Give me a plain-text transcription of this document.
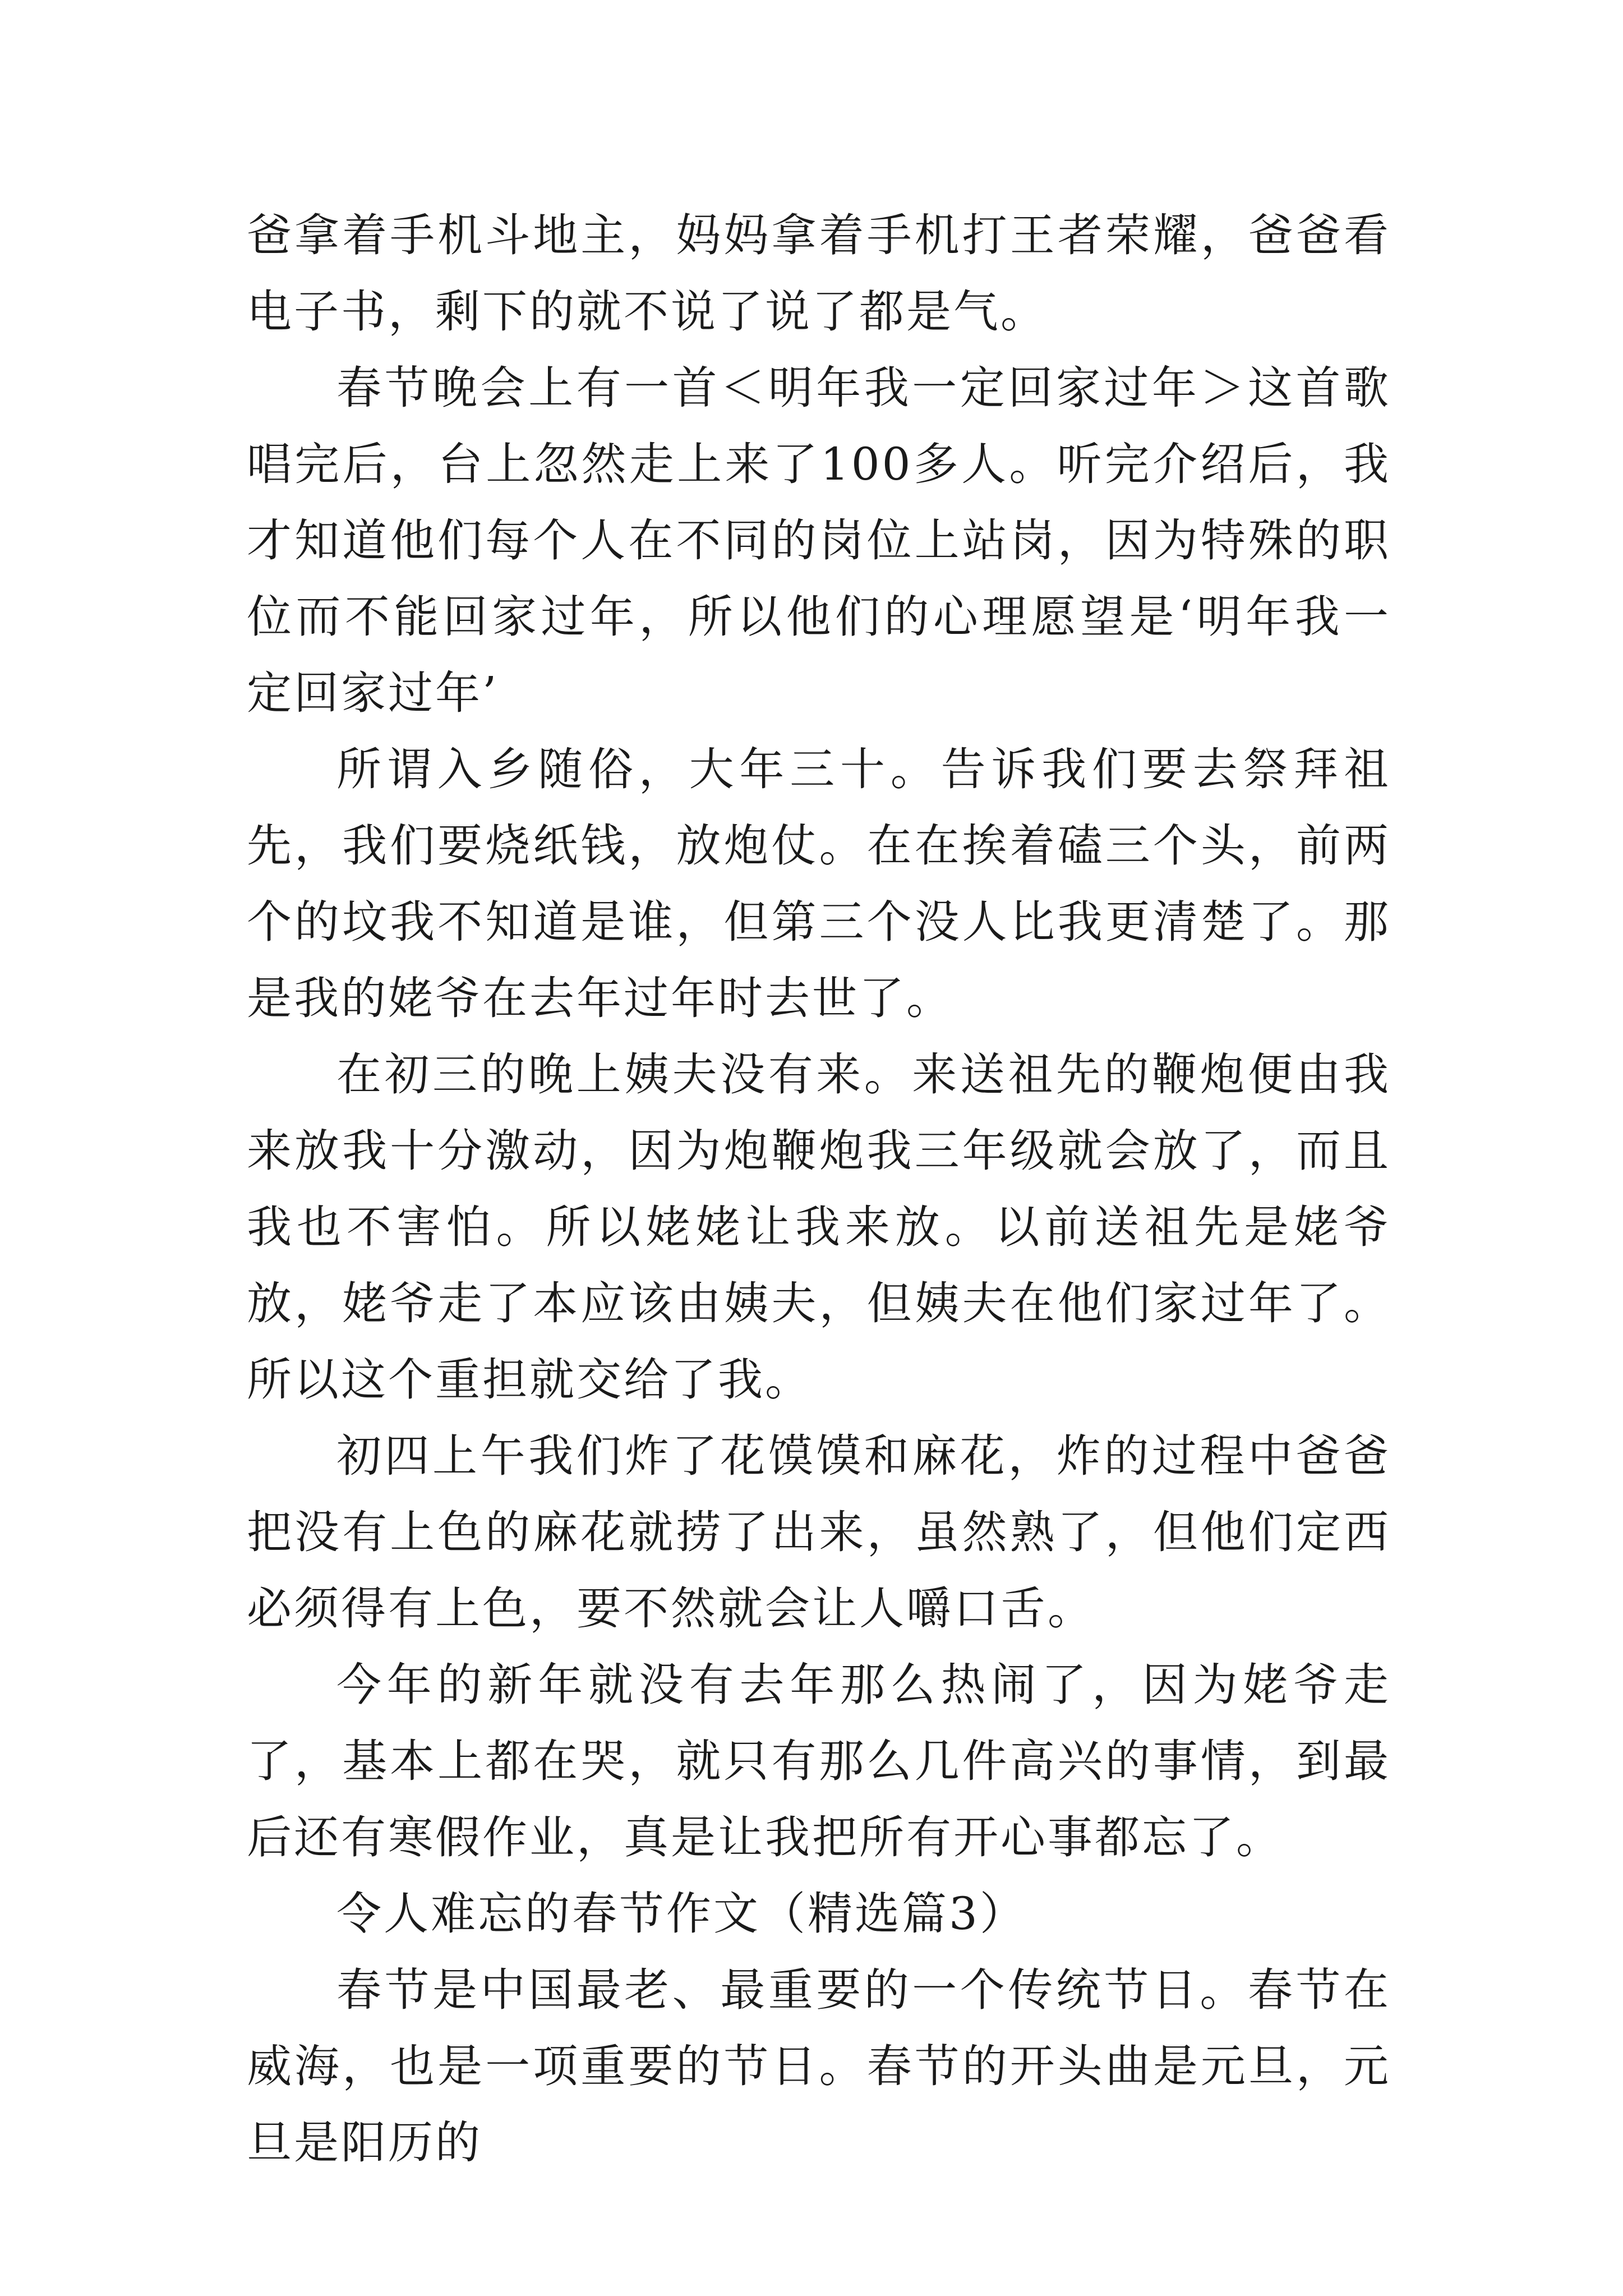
爸拿着手机斗地主，妈妈拿着手机打王者荣耀，爸爸看电子书，剩下的就不说了说了都是气。

春节晚会上有一首＜明年我一定回家过年＞这首歌唱完后，台上忽然走上来了100多人。听完介绍后，我才知道他们每个人在不同的岗位上站岗，因为特殊的职位而不能回家过年，所以他们的心理愿望是‘明年我一定回家过年’

所谓入乡随俗，大年三十。告诉我们要去祭拜祖先，我们要烧纸钱，放炮仗。在在挨着磕三个头，前两个的坟我不知道是谁，但第三个没人比我更清楚了。那是我的姥爷在去年过年时去世了。

在初三的晚上姨夫没有来。来送祖先的鞭炮便由我来放我十分激动，因为炮鞭炮我三年级就会放了，而且我也不害怕。所以姥姥让我来放。以前送祖先是姥爷放，姥爷走了本应该由姨夫，但姨夫在他们家过年了。所以这个重担就交给了我。

初四上午我们炸了花馍馍和麻花，炸的过程中爸爸把没有上色的麻花就捞了出来，虽然熟了，但他们定西必须得有上色，要不然就会让人嚼口舌。

今年的新年就没有去年那么热闹了，因为姥爷走了，基本上都在哭，就只有那么几件高兴的事情，到最后还有寒假作业，真是让我把所有开心事都忘了。

令人难忘的春节作文（精选篇3）

春节是中国最老、最重要的一个传统节日。春节在威海，也是一项重要的节日。春节的开头曲是元旦，元旦是阳历的
